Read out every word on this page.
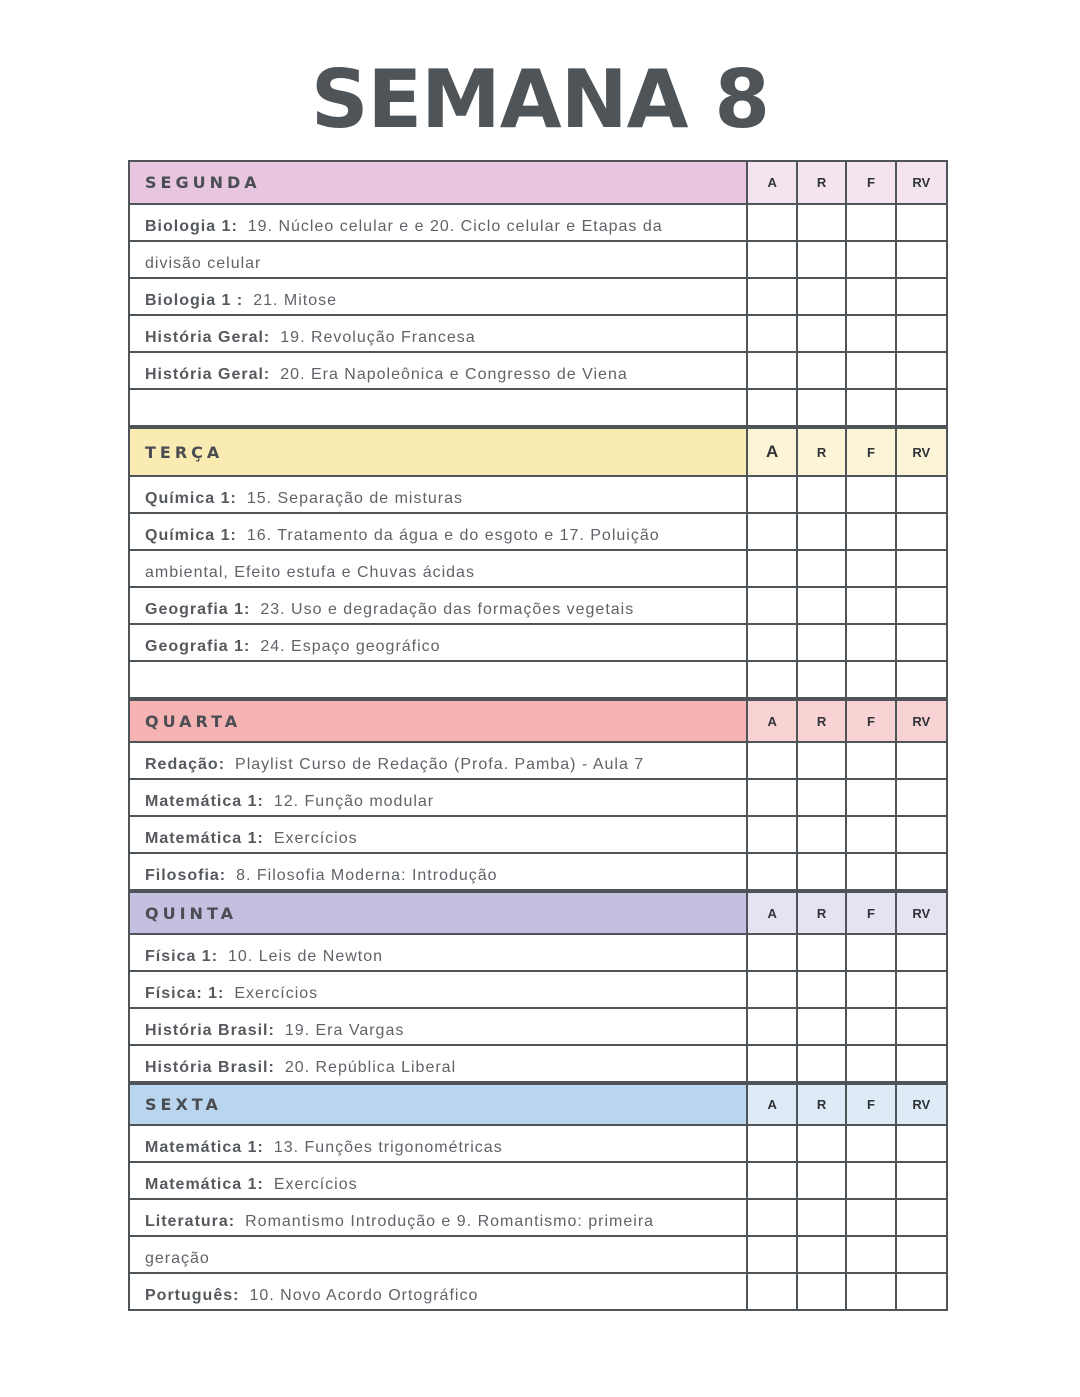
SEMANA 8
SEGUNDA	A	R	F	RV
Biologia 1: 19. Núcleo celular e e 20. Ciclo celular e Etapas da
divisão celular
Biologia 1 : 21. Mitose
História Geral: 19. Revolução Francesa
História Geral: 20. Era Napoleônica e Congresso de Viena
TERÇA	A	R	F	RV
Química 1: 15. Separação de misturas
Química 1: 16. Tratamento da água e do esgoto e 17. Poluição
ambiental, Efeito estufa e Chuvas ácidas
Geografia 1: 23. Uso e degradação das formações vegetais
Geografia 1: 24. Espaço geográfico
QUARTA	A	R	F	RV
Redação: Playlist Curso de Redação (Profa. Pamba) - Aula 7
Matemática 1: 12. Função modular
Matemática 1: Exercícios
Filosofia: 8. Filosofia Moderna: Introdução
QUINTA	A	R	F	RV
Física 1: 10. Leis de Newton
Física: 1: Exercícios
História Brasil: 19. Era Vargas
História Brasil: 20. República Liberal
SEXTA	A	R	F	RV
Matemática 1: 13. Funções trigonométricas
Matemática 1: Exercícios
Literatura: Romantismo Introdução e 9. Romantismo: primeira
geração
Português: 10. Novo Acordo Ortográfico
